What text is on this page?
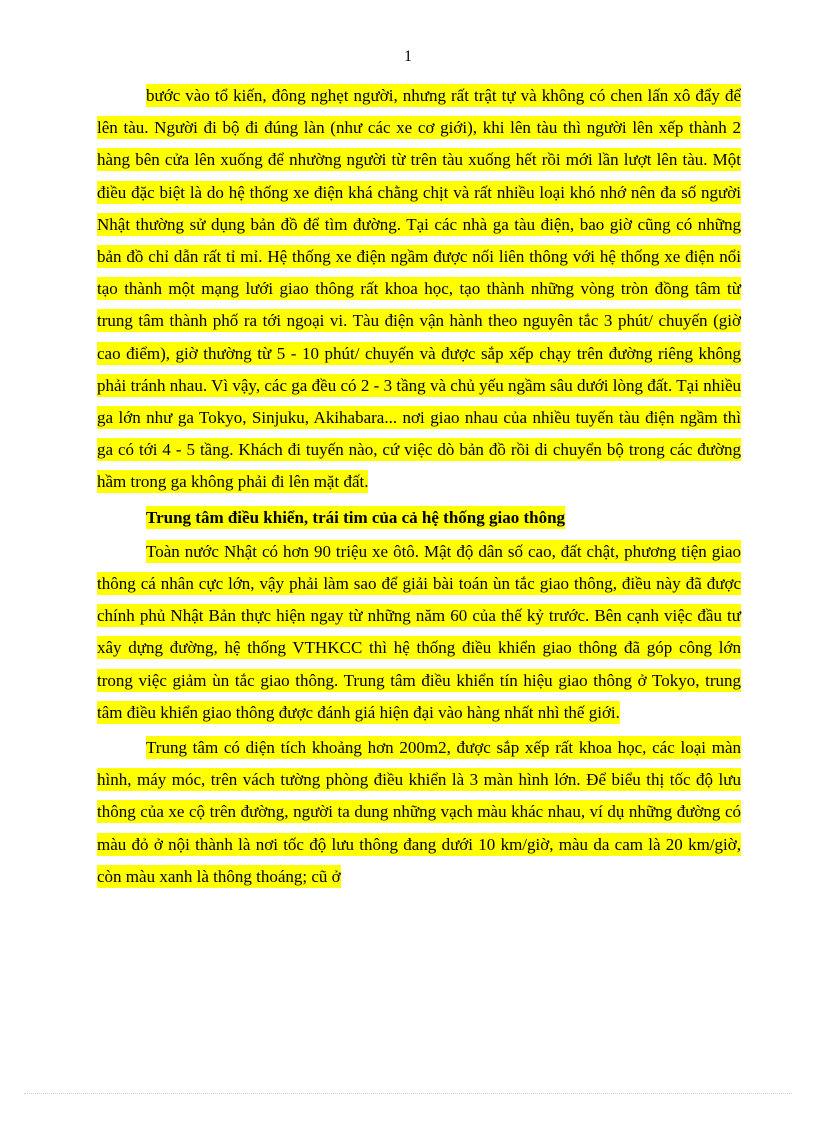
1

bước vào tổ kiến, đông nghẹt người, nhưng rất trật tự và không có chen lấn xô đẩy để lên tàu. Người đi bộ đi đúng làn (như các xe cơ giới), khi lên tàu thì người lên xếp thành 2 hàng bên cửa lên xuống để nhường người từ trên tàu xuống hết rồi mới lần lượt lên tàu. Một điều đặc biệt là do hệ thống xe điện khá chằng chịt và rất nhiều loại khó nhớ nên đa số người Nhật thường sử dụng bản đồ để tìm đường. Tại các nhà ga tàu điện, bao giờ cũng có những bản đồ chỉ dẫn rất tỉ mỉ. Hệ thống xe điện ngầm được nối liên thông với hệ thống xe điện nổi tạo thành một mạng lưới giao thông rất khoa học, tạo thành những vòng tròn đồng tâm từ trung tâm thành phố ra tới ngoại vi. Tàu điện vận hành theo nguyên tắc 3 phút/ chuyến (giờ cao điểm), giờ thường từ 5 - 10 phút/ chuyến và được sắp xếp chạy trên đường riêng không phải tránh nhau. Vì vậy, các ga đều có 2 - 3 tầng và chủ yếu ngầm sâu dưới lòng đất. Tại nhiều ga lớn như ga Tokyo, Sinjuku, Akihabara... nơi giao nhau của nhiều tuyến tàu điện ngầm thì ga có tới 4 - 5 tầng. Khách đi tuyến nào, cứ việc dò bản đồ rồi di chuyển bộ trong các đường hầm trong ga không phải đi lên mặt đất.

Trung tâm điều khiển, trái tim của cả hệ thống giao thông

Toàn nước Nhật có hơn 90 triệu xe ôtô. Mật độ dân số cao, đất chật, phương tiện giao thông cá nhân cực lớn, vậy phải làm sao để giải bài toán ùn tắc giao thông, điều này đã được chính phủ Nhật Bản thực hiện ngay từ những năm 60 của thế kỷ trước. Bên cạnh việc đầu tư xây dựng đường, hệ thống VTHKCC thì hệ thống điều khiển giao thông đã góp công lớn trong việc giảm ùn tắc giao thông. Trung tâm điều khiển tín hiệu giao thông ở Tokyo, trung tâm điều khiển giao thông được đánh giá hiện đại vào hàng nhất nhì thế giới.

Trung tâm có diện tích khoảng hơn 200m2, được sắp xếp rất khoa học, các loại màn hình, máy móc, trên vách tường phòng điều khiển là 3 màn hình lớn. Để biểu thị tốc độ lưu thông của xe cộ trên đường, người ta dung những vạch màu khác nhau, ví dụ những đường có màu đỏ ở nội thành là nơi tốc độ lưu thông đang dưới 10 km/giờ, màu da cam là 20 km/giờ, còn màu xanh là thông thoáng; cũ ở
